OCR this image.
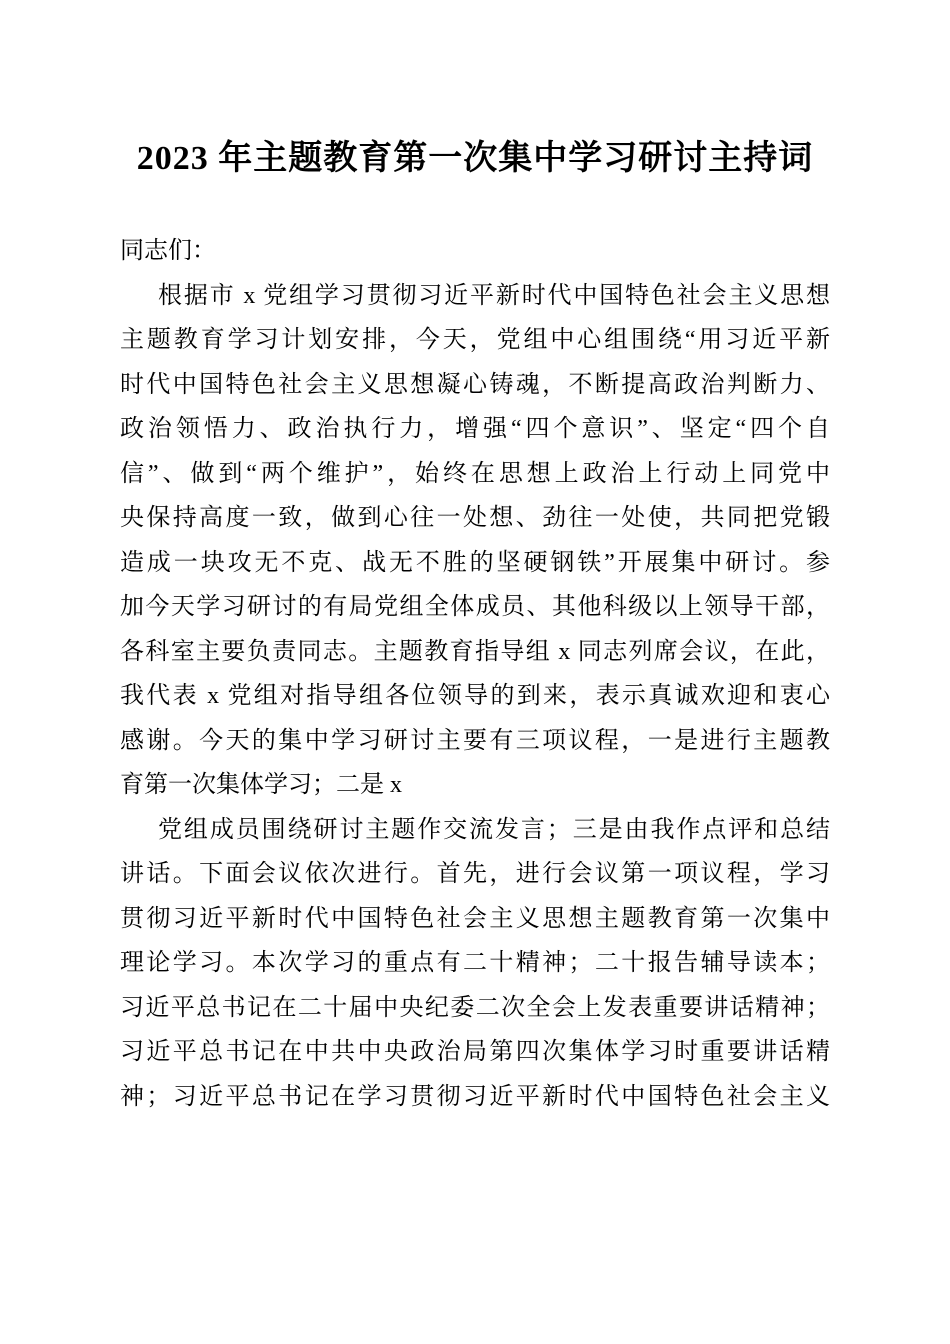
2023 年主题教育第一次集中学习研讨主持词

同志们：

根据市 x 党组学习贯彻习近平新时代中国特色社会主义思想
主题教育学习计划安排，今天，党组中心组围绕“用习近平新
时代中国特色社会主义思想凝心铸魂，不断提高政治判断力、
政治领悟力、政治执行力，增强“四个意识”、坚定“四个自
信”、做到“两个维护”，始终在思想上政治上行动上同党中
央保持高度一致，做到心往一处想、劲往一处使，共同把党锻
造成一块攻无不克、战无不胜的坚硬钢铁”开展集中研讨。参
加今天学习研讨的有局党组全体成员、其他科级以上领导干部，
各科室主要负责同志。主题教育指导组 x 同志列席会议，在此，
我代表 x 党组对指导组各位领导的到来，表示真诚欢迎和衷心
感谢。今天的集中学习研讨主要有三项议程，一是进行主题教
育第一次集体学习；二是 x
党组成员围绕研讨主题作交流发言；三是由我作点评和总结
讲话。下面会议依次进行。首先，进行会议第一项议程，学习
贯彻习近平新时代中国特色社会主义思想主题教育第一次集中
理论学习。本次学习的重点有二十精神；二十报告辅导读本；
习近平总书记在二十届中央纪委二次全会上发表重要讲话精神；
习近平总书记在中共中央政治局第四次集体学习时重要讲话精
神；习近平总书记在学习贯彻习近平新时代中国特色社会主义
